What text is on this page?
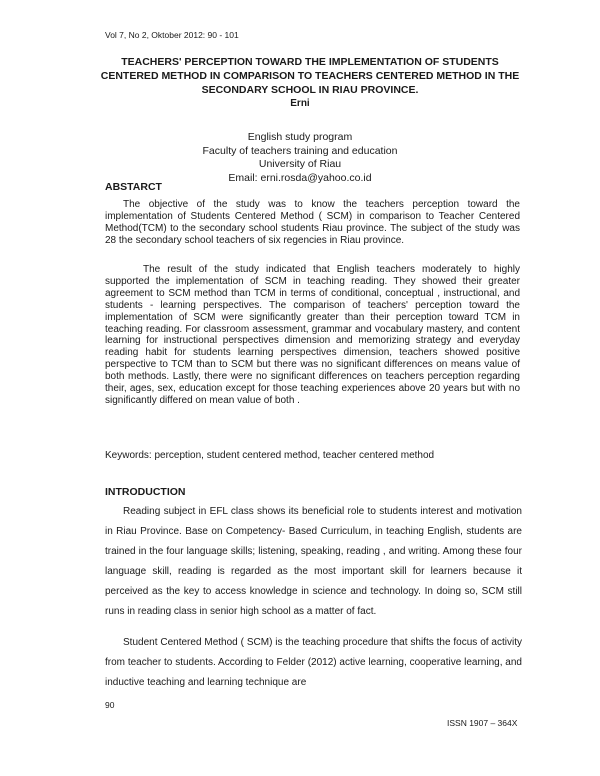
Vol 7, No 2, Oktober 2012: 90 - 101
TEACHERS' PERCEPTION TOWARD THE IMPLEMENTATION OF STUDENTS CENTERED METHOD IN COMPARISON TO TEACHERS CENTERED METHOD IN THE SECONDARY SCHOOL IN RIAU PROVINCE.
Erni
English study program
Faculty of teachers training and education
University of Riau
Email: erni.rosda@yahoo.co.id
ABSTARCT

The objective of the study was to know the teachers perception toward the implementation of Students Centered Method ( SCM) in comparison to Teacher Centered Method(TCM) to the secondary school students Riau province. The subject of the study was 28 the secondary school teachers of six regencies in Riau province.

The result of the study indicated that English teachers moderately to highly supported the implementation of SCM in teaching reading. They showed their greater agreement to SCM method than TCM in terms of conditional, conceptual , instructional, and students - learning perspectives. The comparison of teachers' perception toward the implementation of SCM were significantly greater than their perception toward TCM in teaching reading. For classroom assessment, grammar and vocabulary mastery, and content learning for instructional perspectives dimension and memorizing strategy and everyday reading habit for students learning perspectives dimension, teachers showed positive perspective to TCM than to SCM but there was no significant differences on means value of both methods. Lastly, there were no significant differences on teachers perception regarding their, ages, sex, education except for those teaching experiences above 20 years but with no significantly differed on mean value of both .

Keywords: perception, student centered method, teacher centered method
INTRODUCTION

Reading subject in EFL class shows its beneficial role to students interest and motivation in Riau Province. Base on Competency- Based Curriculum, in teaching English, students are trained in the four language skills; listening, speaking, reading , and writing. Among these four language skill, reading is regarded as the most important skill for learners because it perceived as the key to access knowledge in science and technology. In doing so, SCM still runs in reading class in senior high school as a matter of fact.

Student Centered Method ( SCM) is the teaching procedure that shifts the focus of activity from teacher to students. According to Felder (2012) active learning, cooperative learning, and inductive teaching and learning technique are

90
ISSN 1907 – 364X
